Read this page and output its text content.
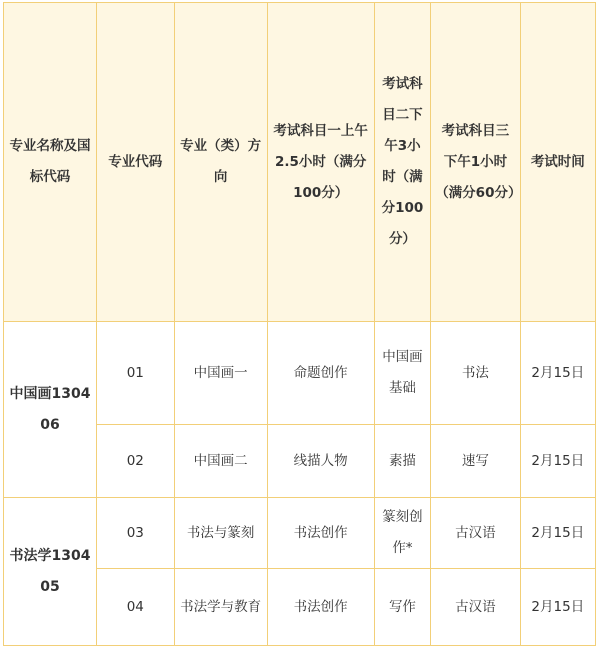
专业名称及国标代码	专业代码	专业（类）方向	考试科目一上午2.5小时（满分100分）	考试科目二下午3小时（满分100分）	考试科目三下午1小时（满分60分）	考试时间
中国画130406	01	中国画一	命题创作	中国画基础	书法	2月15日
	02	中国画二	线描人物	素描	速写	2月15日
书法学130405	03	书法与篆刻	书法创作	篆刻创作*	古汉语	2月15日
	04	书法学与教育	书法创作	写作	古汉语	2月15日
